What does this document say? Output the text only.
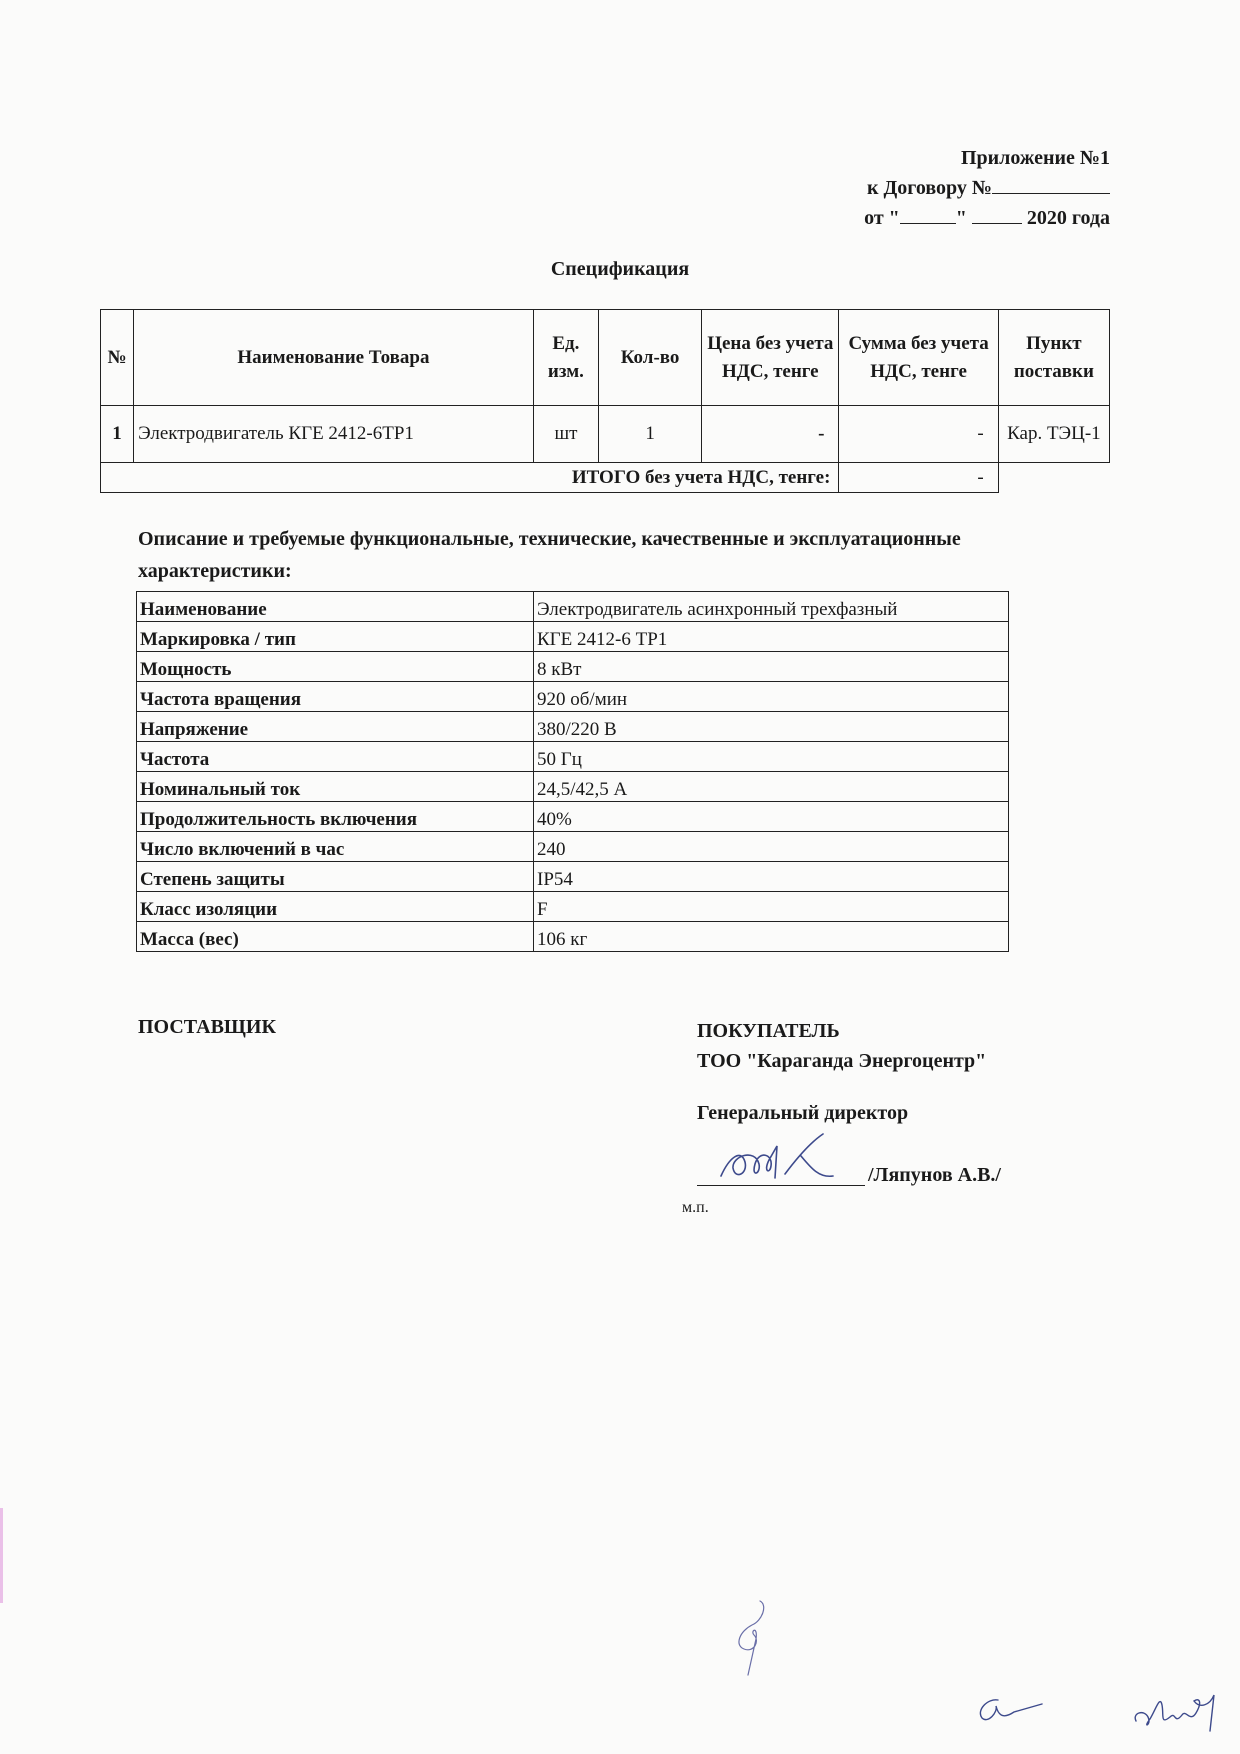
Приложение №1
к Договору №
от "	"	2020 года
Спецификация
№	Наименование Товара	Ед. изм.	Кол-во	Цена без учета НДС, тенге	Сумма без учета НДС, тенге	Пункт поставки
1	Электродвигатель КГЕ 2412-6ТР1	шт	1	-	-	Кар. ТЭЦ-1
ИТОГО без учета НДС, тенге:					-	
Описание и требуемые функциональные, технические, качественные и эксплуатационные характеристики:
Наименование	Электродвигатель асинхронный трехфазный
Маркировка / тип	КГЕ 2412-6 ТР1
Мощность	8 кВт
Частота вращения	920 об/мин
Напряжение	380/220 В
Частота	50 Гц
Номинальный ток	24,5/42,5 А
Продолжительность включения	40%
Число включений в час	240
Степень защиты	IP54
Класс изоляции	F
Масса (вес)	106 кг
ПОСТАВЩИК	ПОКУПАТЕЛЬ
ТОО "Караганда Энергоцентр"
Генеральный директор
/Ляпунов А.В./
м.п.
